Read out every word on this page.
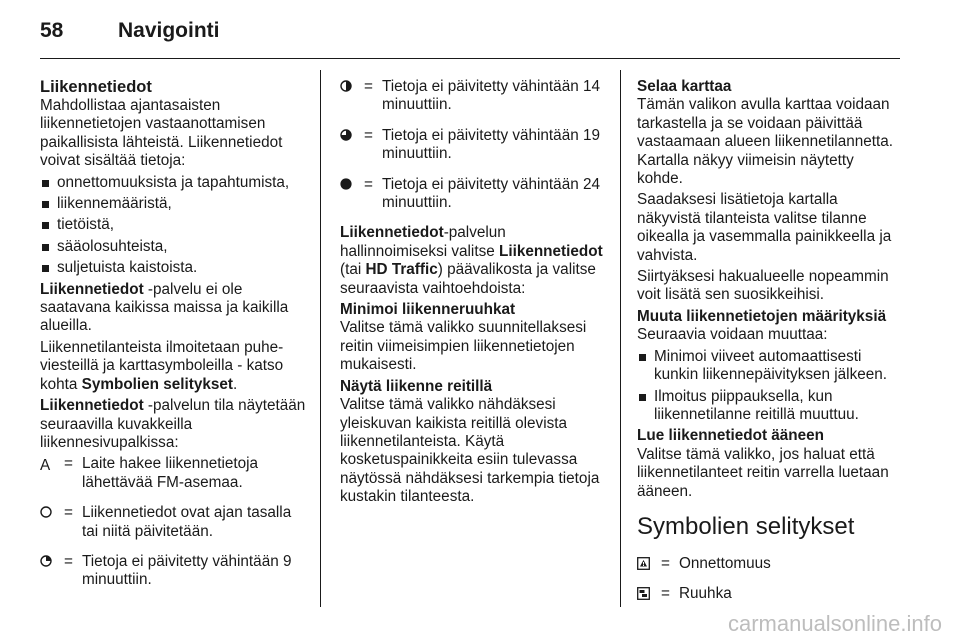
58	Navigointi
Liikennetiedot

Mahdollistaa ajantasaisten liikennetietojen vastaanottamisen paikallisista lähteistä. Liikennetiedot voivat sisältää tietoja:

onnettomuuksista ja tapahtumista,
liikennemääristä,
tietöistä,
sääolosuhteista,
suljetuista kaistoista.

Liikennetiedot -palvelu ei ole saatavana kaikissa maissa ja kaikilla alueilla.

Liikennetilanteista ilmoitetaan puheviesteillä ja karttasymboleilla - katso kohta Symbolien selitykset.

Liikennetiedot -palvelun tila näytetään seuraavilla kuvakkeilla liikennesivupalkissa:

A = Laite hakee liikennetietoja lähettävää FM-asemaa.
= Liikennetiedot ovat ajan tasalla tai niitä päivitetään.
= Tietoja ei päivitetty vähintään 9 minuuttiin.
= Tietoja ei päivitetty vähintään 14 minuuttiin.
= Tietoja ei päivitetty vähintään 19 minuuttiin.
= Tietoja ei päivitetty vähintään 24 minuuttiin.

Liikennetiedot-palvelun hallinnoimiseksi valitse Liikennetiedot (tai HD Traffic) päävalikosta ja valitse seuraavista vaihtoehdoista:

Minimoi liikenneruuhkat

Valitse tämä valikko suunnitellaksesi reitin viimeisimpien liikennetietojen mukaisesti.

Näytä liikenne reitillä

Valitse tämä valikko nähdäksesi yleiskuvan kaikista reitillä olevista liikennetilanteista. Käytä kosketuspainikkeita esiin tulevassa näytössä nähdäksesi tarkempia tietoja kustakin tilanteesta.

Selaa karttaa

Tämän valikon avulla karttaa voidaan tarkastella ja se voidaan päivittää vastaamaan alueen liikennetilannetta. Kartalla näkyy viimeisin näytetty kohde.

Saadaksesi lisätietoja kartalla näkyvistä tilanteista valitse tilanne oikealla ja vasemmalla painikkeella ja vahvista.

Siirtyäksesi hakualueelle nopeammin voit lisätä sen suosikkeihisi.

Muuta liikennetietojen määrityksiä

Seuraavia voidaan muuttaa:

Minimoi viiveet automaattisesti kunkin liikennepäivityksen jälkeen.
Ilmoitus piippauksella, kun liikennetilanne reitillä muuttuu.
Lue liikennetiedot ääneen

Valitse tämä valikko, jos haluat että liikennetilanteet reitin varrella luetaan ääneen.

Symbolien selitykset
= Onnettomuus
= Ruuhka
carmanualsonline.info
